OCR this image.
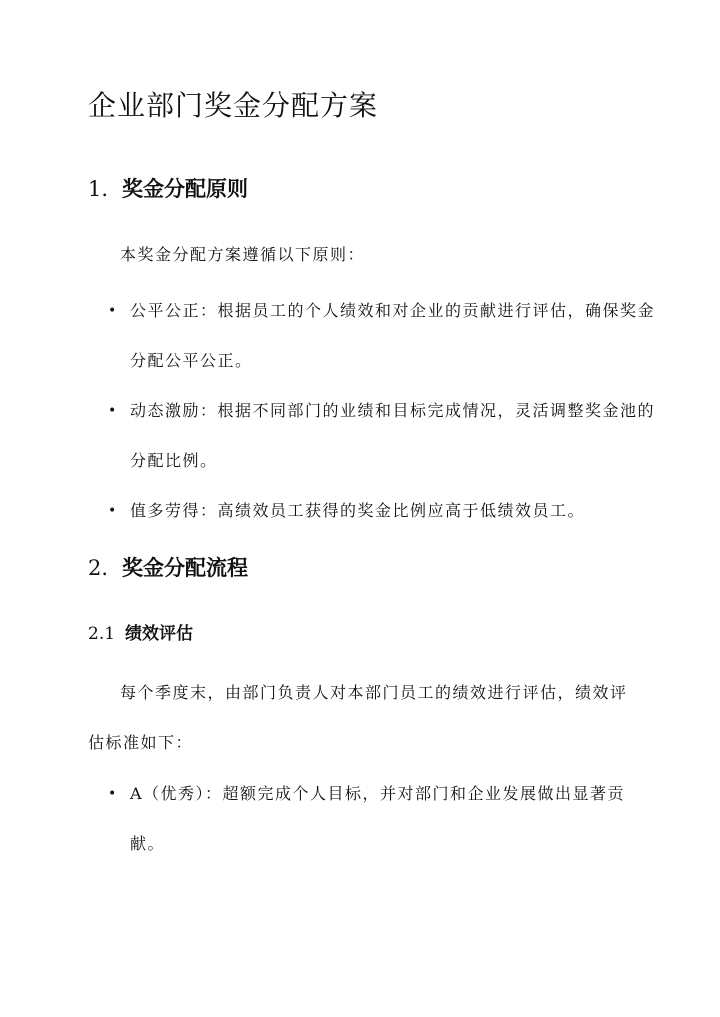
企业部门奖金分配方案
1. 奖金分配原则

本奖金分配方案遵循以下原则：

• 公平公正：根据员工的个人绩效和对企业的贡献进行评估，确保奖金分配公平公正。
• 动态激励：根据不同部门的业绩和目标完成情况，灵活调整奖金池的分配比例。
• 值多劳得：高绩效员工获得的奖金比例应高于低绩效员工。
2. 奖金分配流程
2.1 绩效评估

每个季度末，由部门负责人对本部门员工的绩效进行评估，绩效评估标准如下：

• A（优秀）：超额完成个人目标，并对部门和企业发展做出显著贡献。
